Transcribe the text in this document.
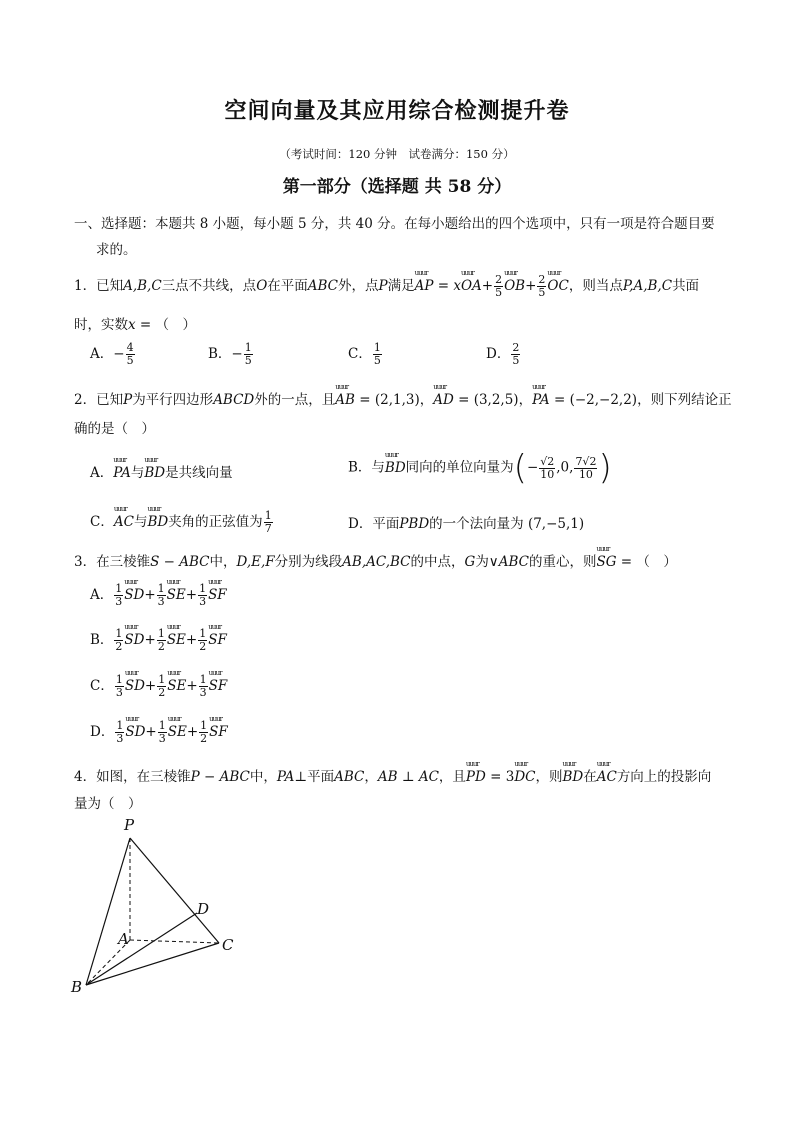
空间向量及其应用综合检测提升卷
（考试时间：120 分钟　试卷满分：150 分）
第一部分（选择题 共 58 分）
一、选择题：本题共 8 小题，每小题 5 分，共 40 分。在每小题给出的四个选项中，只有一项是符合题目要
求的。
1．已知A,B,C三点不共线，点O在平面ABC外，点P满足uuur AP = xuuur $OA+ \frac{2}{5}$ uuur $OB+ \frac{2}{5}$ uuur OC，则当点P,A,B,C共面
时，实数x = （　）
A．− $\frac{4}{5}$	B．− $\frac{1}{5}$	C． $\frac{1}{5}$	D． $\frac{2}{5}$
2．已知P为平行四边形ABCD外的一点，且uuur AB = (2,1,3)，uuur AD = (3,2,5)，uuur PA = (−2,−2,2)，则下列结论正
确的是（　）
A．uuur PA与uuur BD是共线向量	B．与uuur BD同向的单位向量为(− $\frac{√2}{10} ,0$, $\frac{7√2}{10}$ )
C．uuur AC与uuur BD夹角的正弦值为 $\frac{1}{7}$	D．平面PBD的一个法向量为 (7,−5,1)
3．在三棱锥S − ABC中，D,E,F分别为线段AB,AC,BC的中点，G为∨ABC的重心，则uuur SG = （　）
A． $\frac{1}{3}$ uuur $SD+ \frac{1}{3}$ uuur $SE+ \frac{1}{3}$ uuur SF
B． $\frac{1}{2}$ uuur $SD+ \frac{1}{2}$ uuur $SE+ \frac{1}{2}$ uuur SF
C． $\frac{1}{3}$ uuur $SD+ \frac{1}{2}$ uuur $SE+ \frac{1}{3}$ uuur SF
D． $\frac{1}{3}$ uuur $SD+ \frac{1}{3}$ uuur $SE+ \frac{1}{2}$ uuur SF
4．如图，在三棱锥P − ABC中，PA⊥平面ABC，AB ⊥ AC，且uuur PD = 3uuur DC，则uuur BD在uuur AC方向上的投影向
量为（　）
P
A
B
C
D
